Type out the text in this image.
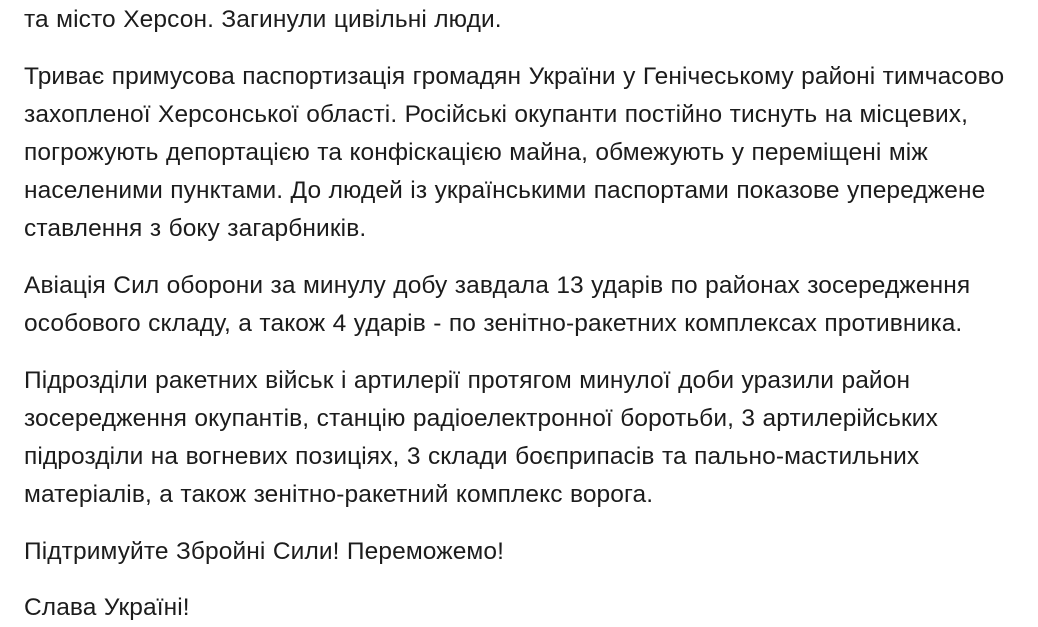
та місто Херсон. Загинули цивільні люди.

Триває примусова паспортизація громадян України у Генічеському районі тимчасово захопленої Херсонської області. Російські окупанти постійно тиснуть на місцевих, погрожують депортацією та конфіскацією майна, обмежують у переміщені між населеними пунктами. До людей із українськими паспортами показове упереджене ставлення з боку загарбників.

Авіація Сил оборони за минулу добу завдала 13 ударів по районах зосередження особового складу, а також 4 ударів - по зенітно-ракетних комплексах противника.

Підрозділи ракетних військ і артилерії протягом минулої доби уразили район зосередження окупантів, станцію радіоелектронної боротьби, 3 артилерійських підрозділи на вогневих позиціях, 3 склади боєприпасів та пально-мастильних матеріалів, а також зенітно-ракетний комплекс ворога.

Підтримуйте Збройні Сили! Переможемо!

Слава Україні!
